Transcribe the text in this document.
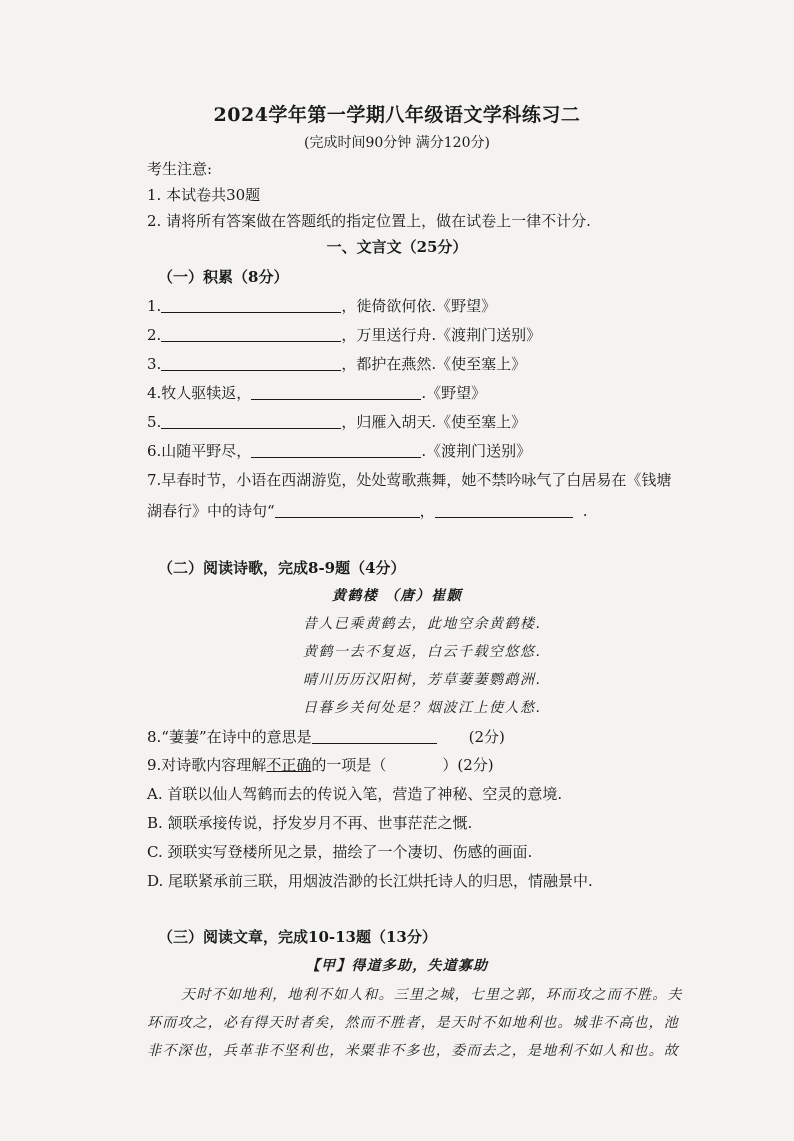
2024学年第一学期八年级语文学科练习二
(完成时间90分钟 满分120分)
考生注意:
1. 本试卷共30题
2. 请将所有答案做在答题纸的指定位置上，做在试卷上一律不计分.
一、文言文（25分）
（一）积累（8分）
1.	，徙倚欲何依.《野望》
2.	，万里送行舟.《渡荆门送别》
3.	，都护在燕然.《使至塞上》
4.牧人驱犊返，	.《野望》
5.	，归雁入胡天.《使至塞上》
6.山随平野尽，	.《渡荆门送别》
7.早春时节，小语在西湖游览，处处莺歌燕舞，她不禁吟咏气了白居易在《钱塘
湖春行》中的诗句“	，	.
（二）阅读诗歌，完成8-9题（4分）
黄鹤楼 （唐）崔颢
昔人已乘黄鹤去，此地空余黄鹤楼.
黄鹤一去不复返，白云千载空悠悠.
晴川历历汉阳树，芳草萋萋鹦鹉洲.
日暮乡关何处是？烟波江上使人愁.
8.“萋萋”在诗中的意思是	(2分)
9.对诗歌内容理解不正确的一项是（	）(2分)
A. 首联以仙人驾鹤而去的传说入笔，营造了神秘、空灵的意境.
B. 颔联承接传说，抒发岁月不再、世事茫茫之慨.
C. 颈联实写登楼所见之景，描绘了一个凄切、伤感的画面.
D. 尾联紧承前三联，用烟波浩渺的长江烘托诗人的归思，情融景中.
（三）阅读文章，完成10-13题（13分）
【甲】得道多助，失道寡助
天时不如地利，地利不如人和。三里之城，七里之郭，环而攻之而不胜。夫
环而攻之，必有得天时者矣，然而不胜者，是天时不如地利也。城非不高也，池
非不深也，兵革非不坚利也，米粟非不多也，委而去之，是地利不如人和也。故
